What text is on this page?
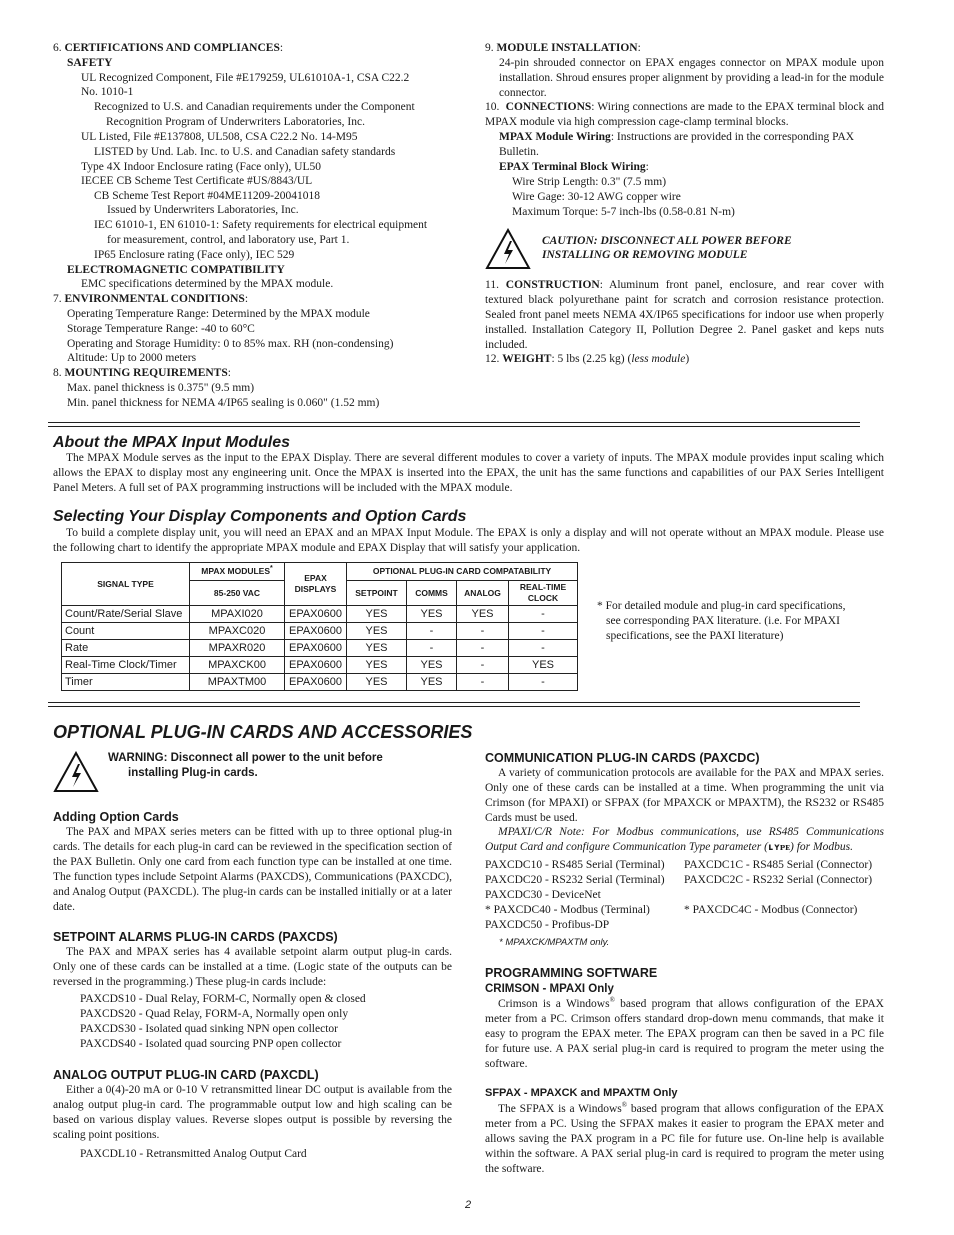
6. CERTIFICATIONS AND COMPLIANCES:
SAFETY
UL Recognized Component, File #E179259, UL61010A-1, CSA C22.2
No. 1010-1
Recognized to U.S. and Canadian requirements under the Component
Recognition Program of Underwriters Laboratories, Inc.
UL Listed, File #E137808, UL508, CSA C22.2 No. 14-M95
LISTED by Und. Lab. Inc. to U.S. and Canadian safety standards
Type 4X Indoor Enclosure rating (Face only), UL50
IECEE CB Scheme Test Certificate #US/8843/UL
CB Scheme Test Report #04ME11209-20041018
Issued by Underwriters Laboratories, Inc.
IEC 61010-1, EN 61010-1: Safety requirements for electrical equipment
for measurement, control, and laboratory use, Part 1.
IP65 Enclosure rating (Face only), IEC 529
ELECTROMAGNETIC COMPATIBILITY
EMC specifications determined by the MPAX module.
7. ENVIRONMENTAL CONDITIONS:
Operating Temperature Range: Determined by the MPAX module
Storage Temperature Range: -40 to 60°C
Operating and Storage Humidity: 0 to 85% max. RH (non-condensing)
Altitude: Up to 2000 meters
8. MOUNTING REQUIREMENTS:
Max. panel thickness is 0.375" (9.5 mm)
Min. panel thickness for NEMA 4/IP65 sealing is 0.060" (1.52 mm)
9. MODULE INSTALLATION:

24-pin shrouded connector on EPAX engages connector on MPAX module upon installation. Shroud ensures proper alignment by providing a lead-in for the module connector.

10. CONNECTIONS: Wiring connections are made to the EPAX terminal block and MPAX module via high compression cage-clamp terminal blocks.
MPAX Module Wiring: Instructions are provided in the corresponding PAX Bulletin.
EPAX Terminal Block Wiring:
Wire Strip Length: 0.3" (7.5 mm)
Wire Gage: 30-12 AWG copper wire
Maximum Torque: 5-7 inch-lbs (0.58-0.81 N-m)
CAUTION: DISCONNECT ALL POWER BEFORE
INSTALLING OR REMOVING MODULE
11. CONSTRUCTION: Aluminum front panel, enclosure, and rear cover with textured black polyurethane paint for scratch and corrosion resistance protection. Sealed front panel meets NEMA 4X/IP65 specifications for indoor use when properly installed. Installation Category II, Pollution Degree 2. Panel gasket and keps nuts included.
12. WEIGHT: 5 lbs (2.25 kg) (less module)
About the MPAX Input Modules

The MPAX Module serves as the input to the EPAX Display. There are several different modules to cover a variety of inputs. The MPAX module provides input scaling which allows the EPAX to display most any engineering unit. Once the MPAX is inserted into the EPAX, the unit has the same functions and capabilities of our PAX Series Intelligent Panel Meters. A full set of PAX programming instructions will be included with the MPAX module.

Selecting Your Display Components and Option Cards

To build a complete display unit, you will need an EPAX and an MPAX Input Module. The EPAX is only a display and will not operate without an MPAX module. Please use the following chart to identify the appropriate MPAX module and EPAX Display that will satisfy your application.

SIGNAL TYPE	MPAX MODULES*	EPAX
DISPLAYS	OPTIONAL PLUG-IN CARD COMPATABILITY			
	85-250 VAC		SETPOINT	COMMS	ANALOG	REAL-TIME
CLOCK
Count/Rate/Serial Slave	MPAXI020	EPAX0600	YES	YES	YES	-
Count	MPAXC020	EPAX0600	YES	-	-	-
Rate	MPAXR020	EPAX0600	YES	-	-	-
Real-Time Clock/Timer	MPAXCK00	EPAX0600	YES	YES	-	YES
Timer	MPAXTM00	EPAX0600	YES	YES	-	-
* For detailed module and plug-in card specifications,
see corresponding PAX literature. (i.e. For MPAXI
specifications, see the PAXI literature)
OPTIONAL PLUG-IN CARDS AND ACCESSORIES
WARNING: Disconnect all power to the unit before
installing Plug-in cards.
Adding Option Cards

The PAX and MPAX series meters can be fitted with up to three optional plug-in cards. The details for each plug-in card can be reviewed in the specification section of the PAX Bulletin. Only one card from each function type can be installed at one time. The function types include Setpoint Alarms (PAXCDS), Communications (PAXCDC), and Analog Output (PAXCDL). The plug-in cards can be installed initially or at a later date.

SETPOINT ALARMS PLUG-IN CARDS (PAXCDS)

The PAX and MPAX series has 4 available setpoint alarm output plug-in cards. Only one of these cards can be installed at a time. (Logic state of the outputs can be reversed in the programming.) These plug-in cards include:

PAXCDS10 - Dual Relay, FORM-C, Normally open & closed
PAXCDS20 - Quad Relay, FORM-A, Normally open only
PAXCDS30 - Isolated quad sinking NPN open collector
PAXCDS40 - Isolated quad sourcing PNP open collector
ANALOG OUTPUT PLUG-IN CARD (PAXCDL)

Either a 0(4)-20 mA or 0-10 V retransmitted linear DC output is available from the analog output plug-in card. The programmable output low and high scaling can be based on various display values. Reverse slopes output is possible by reversing the scaling point positions.

PAXCDL10 - Retransmitted Analog Output Card
COMMUNICATION PLUG-IN CARDS (PAXCDC)

A variety of communication protocols are available for the PAX and MPAX series. Only one of these cards can be installed at a time. When programming the unit via Crimson (for MPAXI) or SFPAX (for MPAXCK or MPAXTM), the RS232 or RS485 Cards must be used.

MPAXI/C/R Note: For Modbus communications, use RS485 Communications Output Card and configure Communication Type parameter (ʟʏᴘᴇ) for Modbus.
PAXCDC10 - RS485 Serial (Terminal) PAXCDC1C - RS485 Serial (Connector)
PAXCDC20 - RS232 Serial (Terminal) PAXCDC2C - RS232 Serial (Connector)
PAXCDC30 - DeviceNet
* PAXCDC40 - Modbus (Terminal)	* PAXCDC4C - Modbus (Connector)
PAXCDC50 - Profibus-DP
* MPAXCK/MPAXTM only.
PROGRAMMING SOFTWARE
CRIMSON - MPAXI Only

Crimson is a Windows® based program that allows configuration of the EPAX meter from a PC. Crimson offers standard drop-down menu commands, that make it easy to program the EPAX meter. The EPAX program can then be saved in a PC file for future use. A PAX serial plug-in card is required to program the meter using the software.

SFPAX - MPAXCK and MPAXTM Only

The SFPAX is a Windows® based program that allows configuration of the EPAX meter from a PC. Using the SFPAX makes it easier to program the EPAX meter and allows saving the PAX program in a PC file for future use. On-line help is available within the software. A PAX serial plug-in card is required to program the meter using the software.

2
